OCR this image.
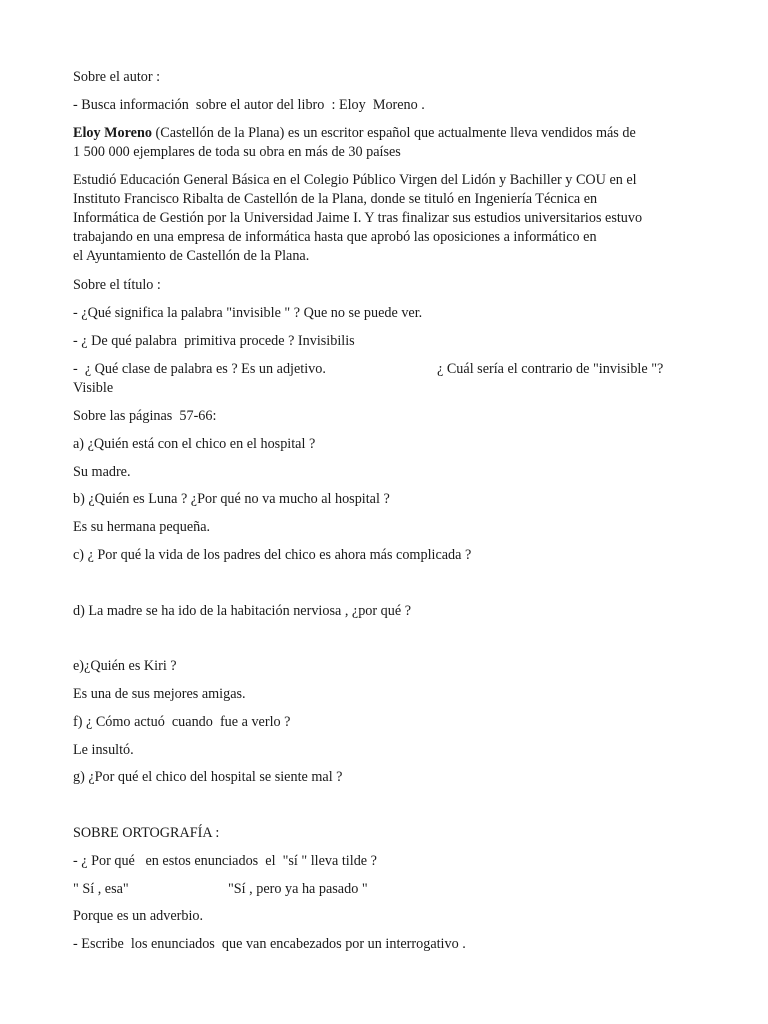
Sobre el autor :
- Busca información  sobre el autor del libro  : Eloy  Moreno .
Eloy Moreno (Castellón de la Plana) es un escritor español que actualmente lleva vendidos más de
1 500 000 ejemplares de toda su obra en más de 30 países
Estudió Educación General Básica en el Colegio Público Virgen del Lidón y Bachiller y COU en el
Instituto Francisco Ribalta de Castellón de la Plana, donde se tituló en Ingeniería Técnica en
Informática de Gestión por la Universidad Jaime I. Y tras finalizar sus estudios universitarios estuvo
trabajando en una empresa de informática hasta que aprobó las oposiciones a informático en
el Ayuntamiento de Castellón de la Plana.
Sobre el título :
- ¿Qué significa la palabra "invisible " ? Que no se puede ver.
- ¿ De qué palabra  primitiva procede ? Invisibilis
-  ¿ Qué clase de palabra es ? Es un adjetivo.	¿ Cuál sería el contrario de "invisible "?
Visible
Sobre las páginas  57-66:
a) ¿Quién está con el chico en el hospital ?
Su madre.
b) ¿Quién es Luna ? ¿Por qué no va mucho al hospital ?
Es su hermana pequeña.
c) ¿ Por qué la vida de los padres del chico es ahora más complicada ?
d) La madre se ha ido de la habitación nerviosa , ¿por qué ?
e)¿Quién es Kiri ?
Es una de sus mejores amigas.
f) ¿ Cómo actuó  cuando  fue a verlo ?
Le insultó.
g) ¿Por qué el chico del hospital se siente mal ?
SOBRE ORTOGRAFÍA :
- ¿ Por qué   en estos enunciados  el  "sí " lleva tilde ?
" Sí , esa"	"Sí , pero ya ha pasado "
Porque es un adverbio.
- Escribe  los enunciados  que van encabezados por un interrogativo .
